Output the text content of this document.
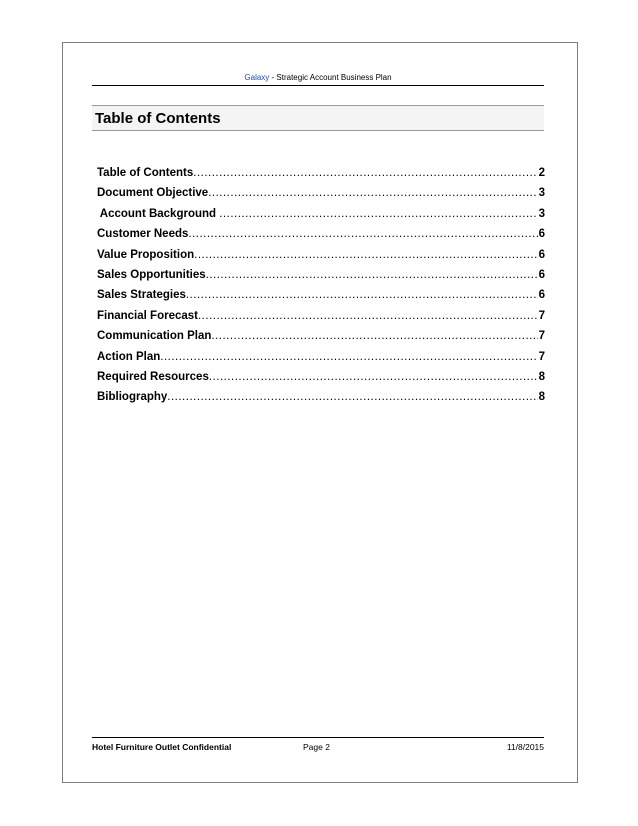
Galaxy - Strategic Account Business Plan
Table of Contents
Table of Contents .....	2
Document Objective .....	3
Account Background .....	3
Customer Needs .....	6
Value Proposition .....	6
Sales Opportunities .....	6
Sales Strategies .....	6
Financial Forecast .....	7
Communication Plan .....	7
Action Plan .....	7
Required Resources .....	8
Bibliography .....	8
Hotel Furniture Outlet Confidential	Page 2	11/8/2015
